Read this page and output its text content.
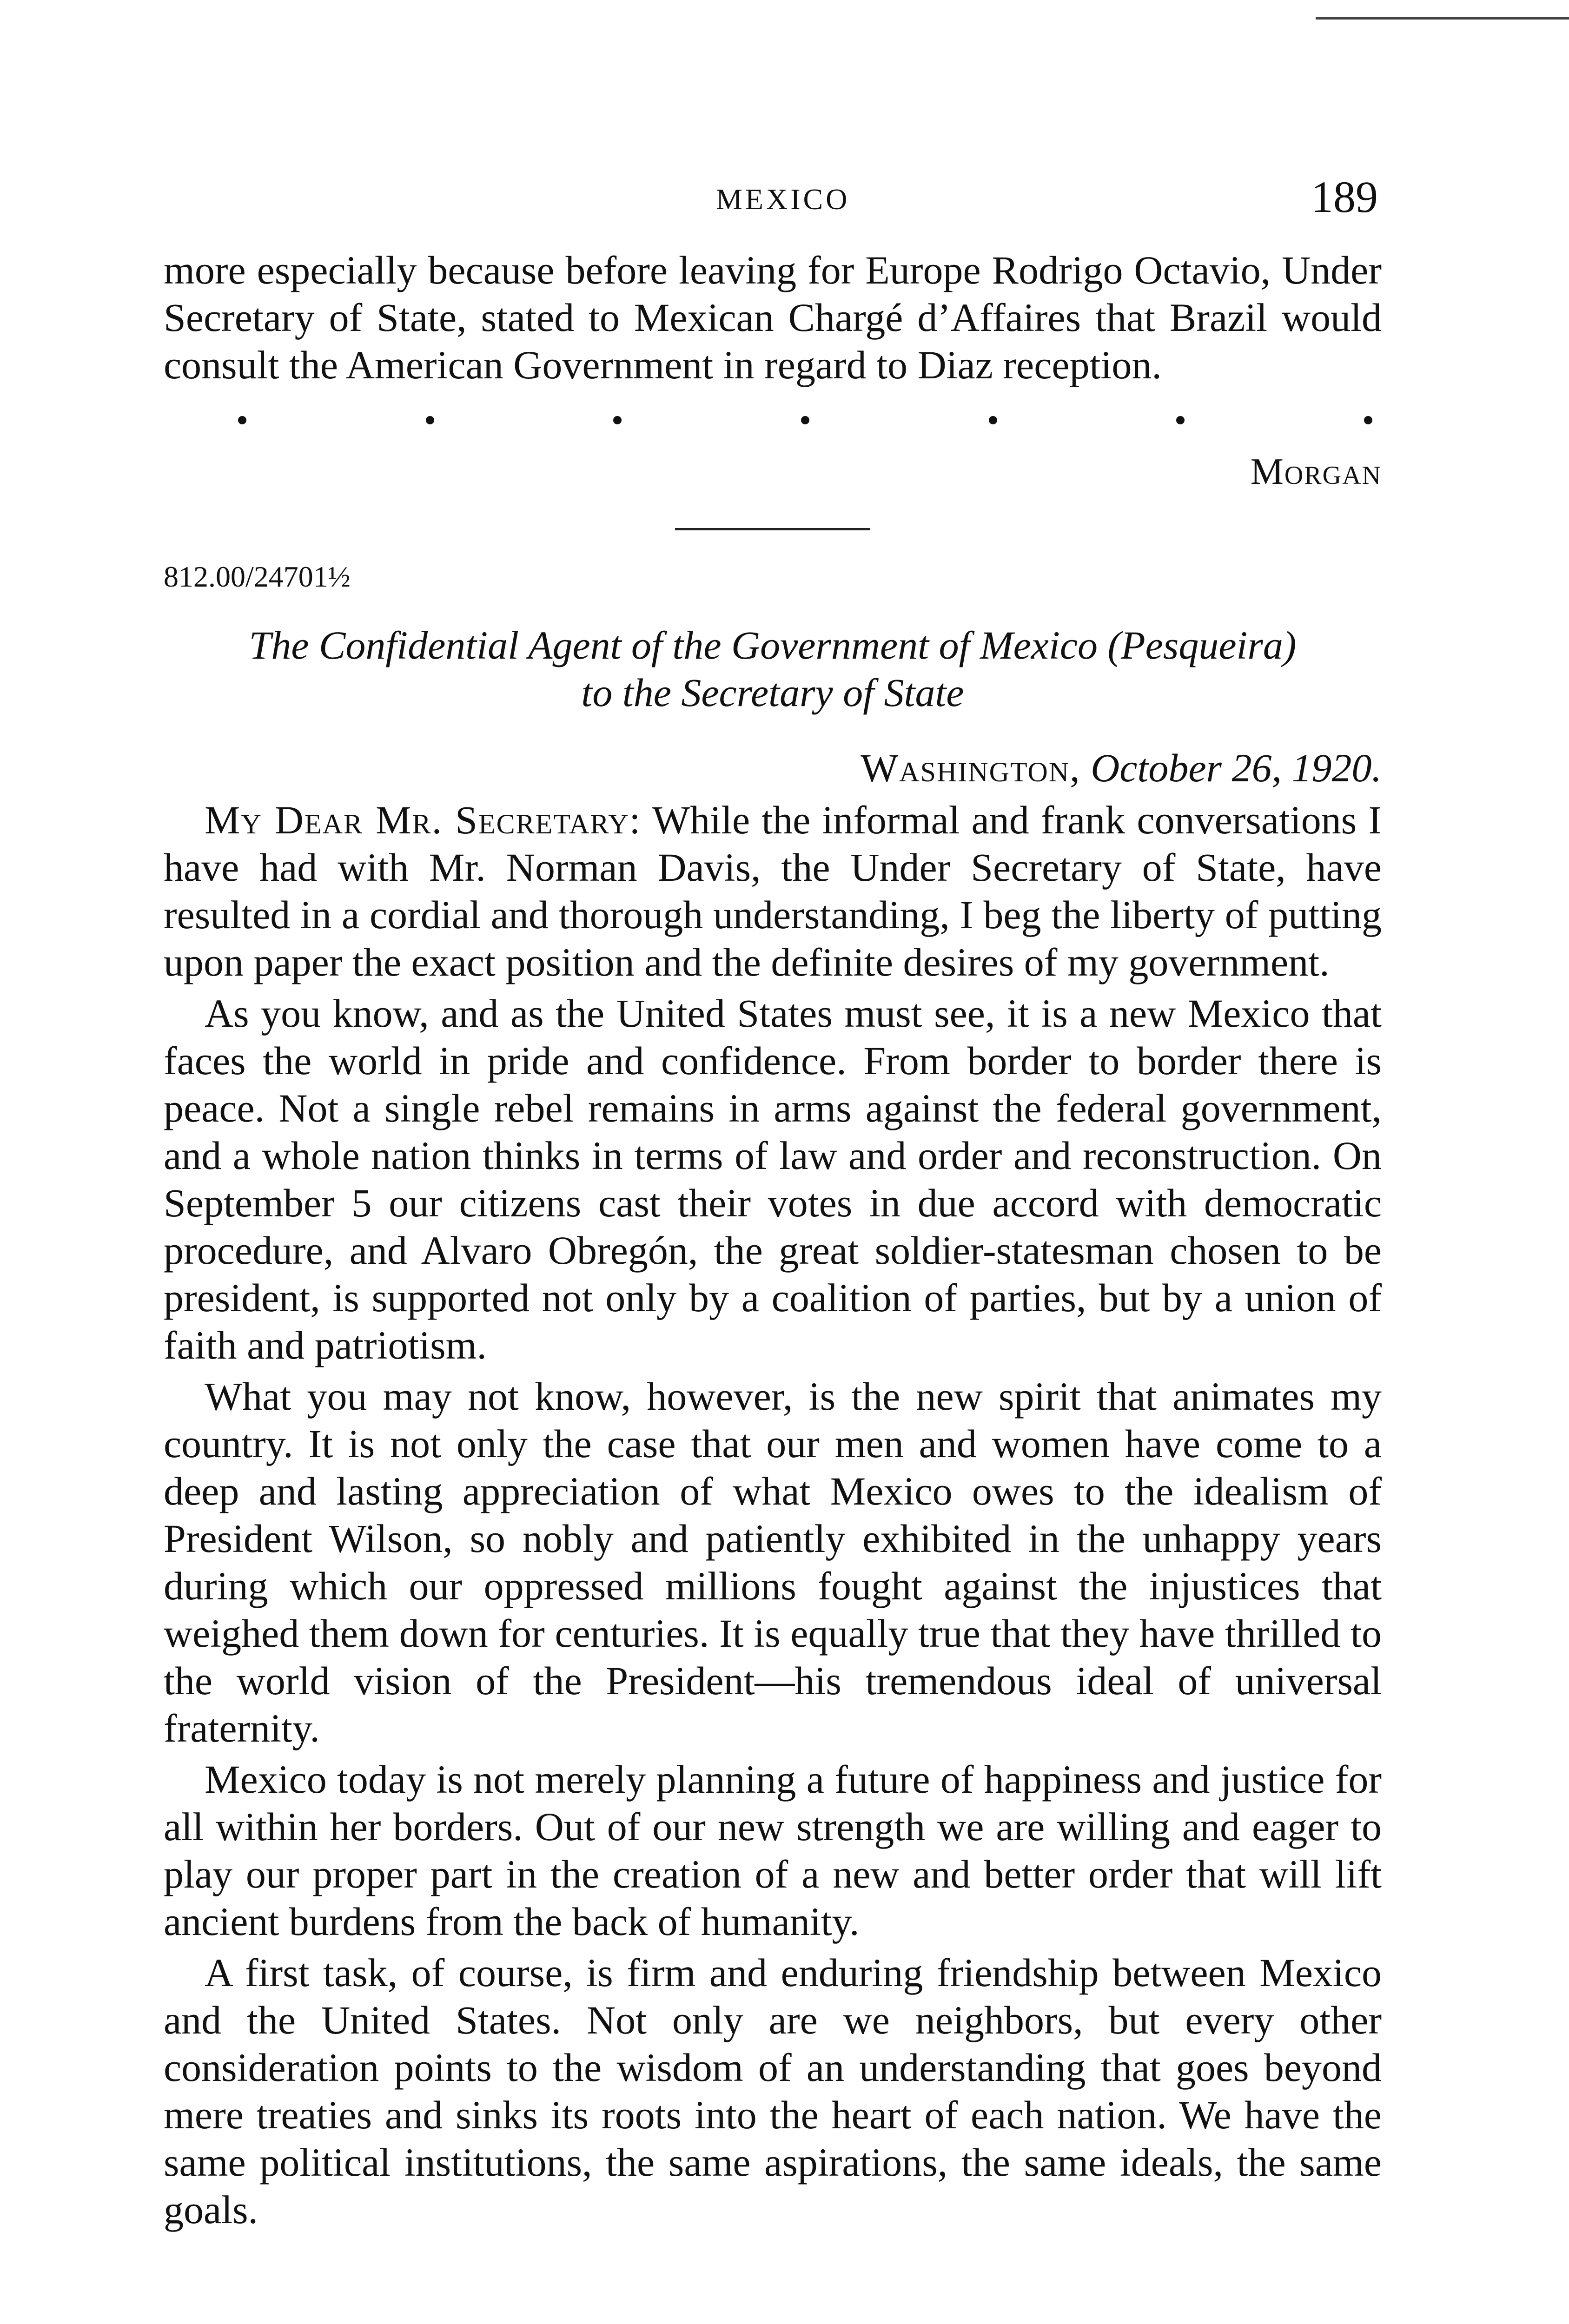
MEXICO	189

more especially because before leaving for Europe Rodrigo Octavio, Under Secretary of State, stated to Mexican Chargé d’Affaires that Brazil would consult the American Government in regard to Diaz reception.

Morgan
812.00/24701½
The Confidential Agent of the Government of Mexico (Pesqueira)
to the Secretary of State
Washington, October 26, 1920.

My Dear Mr. Secretary: While the informal and frank conversations I have had with Mr. Norman Davis, the Under Secretary of State, have resulted in a cordial and thorough understanding, I beg the liberty of putting upon paper the exact position and the definite desires of my government.

As you know, and as the United States must see, it is a new Mexico that faces the world in pride and confidence. From border to border there is peace. Not a single rebel remains in arms against the federal government, and a whole nation thinks in terms of law and order and reconstruction. On September 5 our citizens cast their votes in due accord with democratic procedure, and Alvaro Obregón, the great soldier-statesman chosen to be president, is supported not only by a coalition of parties, but by a union of faith and patriotism.

What you may not know, however, is the new spirit that animates my country. It is not only the case that our men and women have come to a deep and lasting appreciation of what Mexico owes to the idealism of President Wilson, so nobly and patiently exhibited in the unhappy years during which our oppressed millions fought against the injustices that weighed them down for centuries. It is equally true that they have thrilled to the world vision of the President—his tremendous ideal of universal fraternity.

Mexico today is not merely planning a future of happiness and justice for all within her borders. Out of our new strength we are willing and eager to play our proper part in the creation of a new and better order that will lift ancient burdens from the back of humanity.

A first task, of course, is firm and enduring friendship between Mexico and the United States. Not only are we neighbors, but every other consideration points to the wisdom of an understanding that goes beyond mere treaties and sinks its roots into the heart of each nation. We have the same political institutions, the same aspirations, the same ideals, the same goals.
